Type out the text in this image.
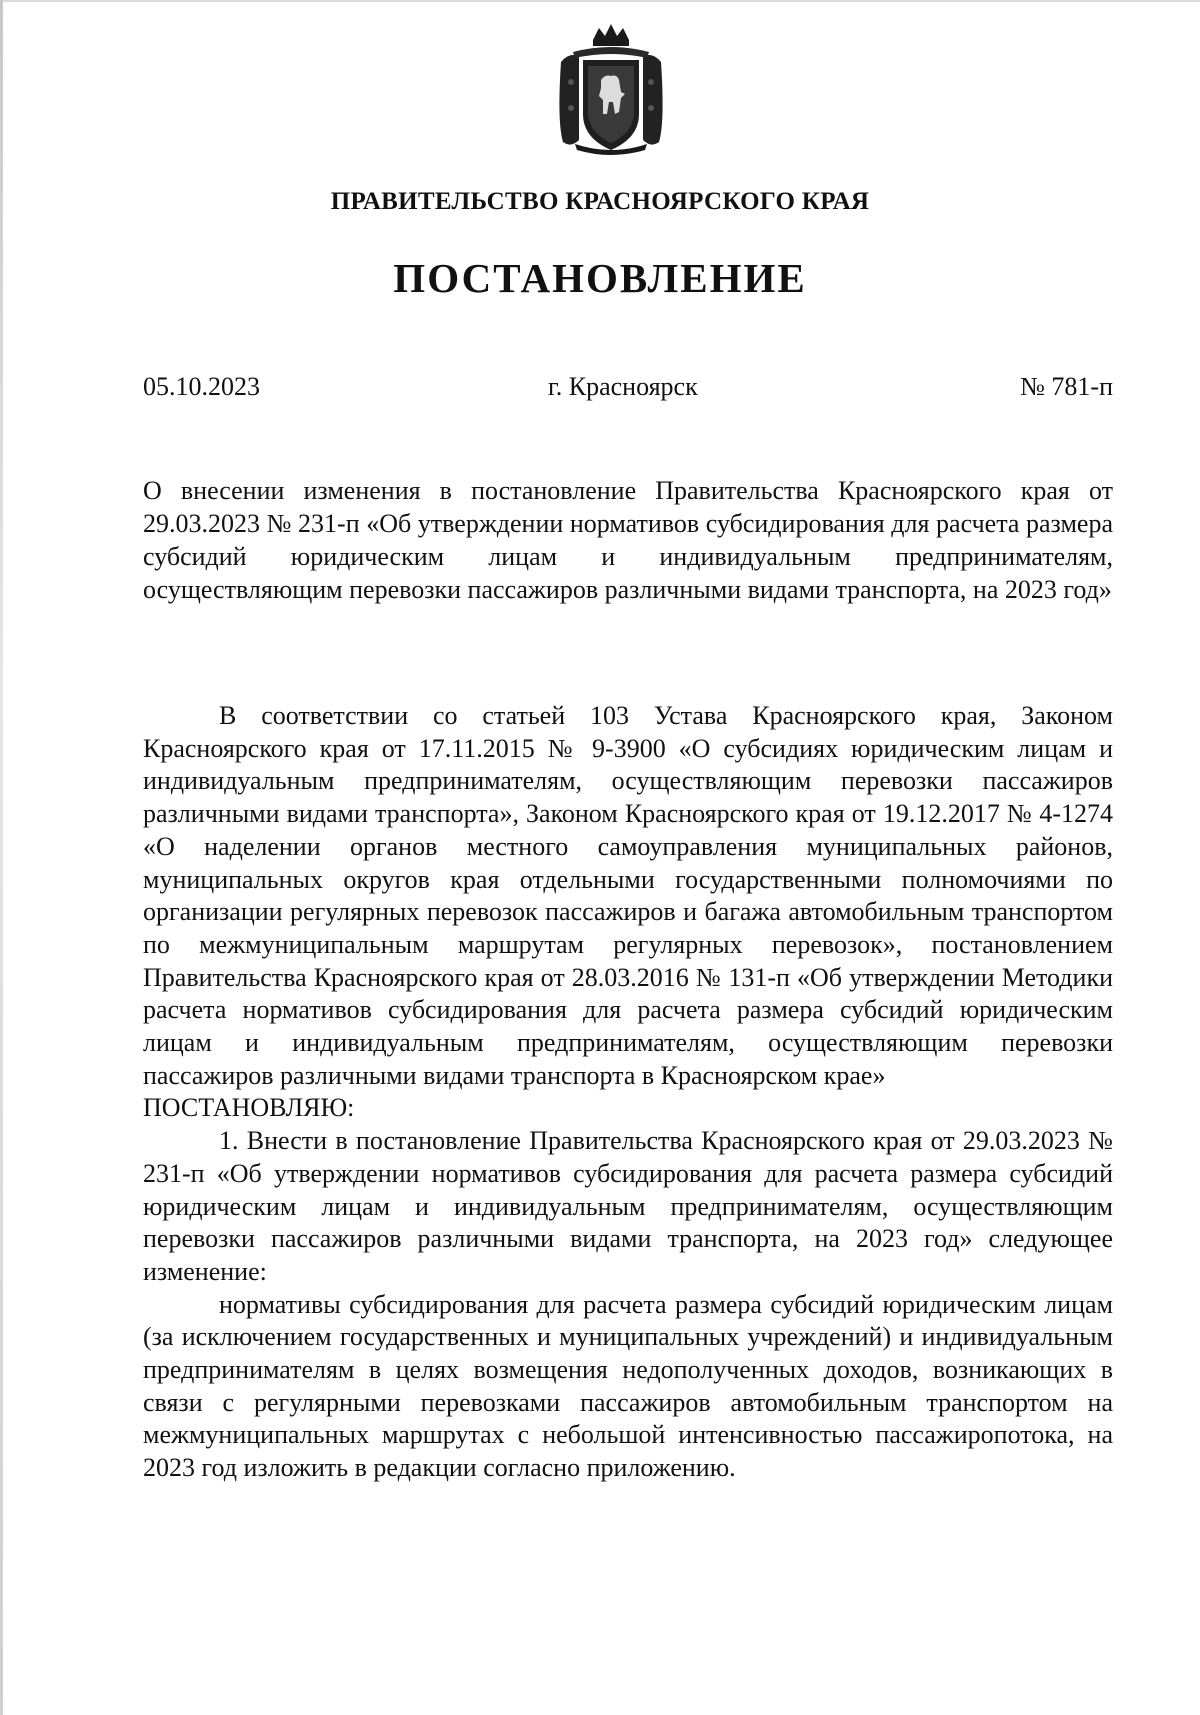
ПРАВИТЕЛЬСТВО КРАСНОЯРСКОГО КРАЯ
ПОСТАНОВЛЕНИЕ
05.10.2023	г. Красноярск	№ 781-п

О внесении изменения в постановление Правительства Красноярского края от 29.03.2023 № 231-п «Об утверждении нормативов субсидирования для расчета размера субсидий юридическим лицам и индивидуальным предпринимателям, осуществляющим перевозки пассажиров различными видами транспорта, на 2023 год»

В соответствии со статьей 103 Устава Красноярского края, Законом Красноярского края от 17.11.2015 № 9-3900 «О субсидиях юридическим лицам и индивидуальным предпринимателям, осуществляющим перевозки пассажиров различными видами транспорта», Законом Красноярского края от 19.12.2017 № 4-1274 «О наделении органов местного самоуправления муниципальных районов, муниципальных округов края отдельными государственными полномочиями по организации регулярных перевозок пассажиров и багажа автомобильным транспортом по межмуниципальным маршрутам регулярных перевозок», постановлением Правительства Красноярского края от 28.03.2016 № 131-п «Об утверждении Методики расчета нормативов субсидирования для расчета размера субсидий юридическим лицам и индивидуальным предпринимателям, осуществляющим перевозки пассажиров различными видами транспорта в Красноярском крае»

ПОСТАНОВЛЯЮ:

1. Внести в постановление Правительства Красноярского края от 29.03.2023 № 231-п «Об утверждении нормативов субсидирования для расчета размера субсидий юридическим лицам и индивидуальным предпринимателям, осуществляющим перевозки пассажиров различными видами транспорта, на 2023 год» следующее изменение:

нормативы субсидирования для расчета размера субсидий юридическим лицам (за исключением государственных и муниципальных учреждений) и индивидуальным предпринимателям в целях возмещения недополученных доходов, возникающих в связи с регулярными перевозками пассажиров автомобильным транспортом на межмуниципальных маршрутах с небольшой интенсивностью пассажиропотока, на 2023 год изложить в редакции согласно приложению.
